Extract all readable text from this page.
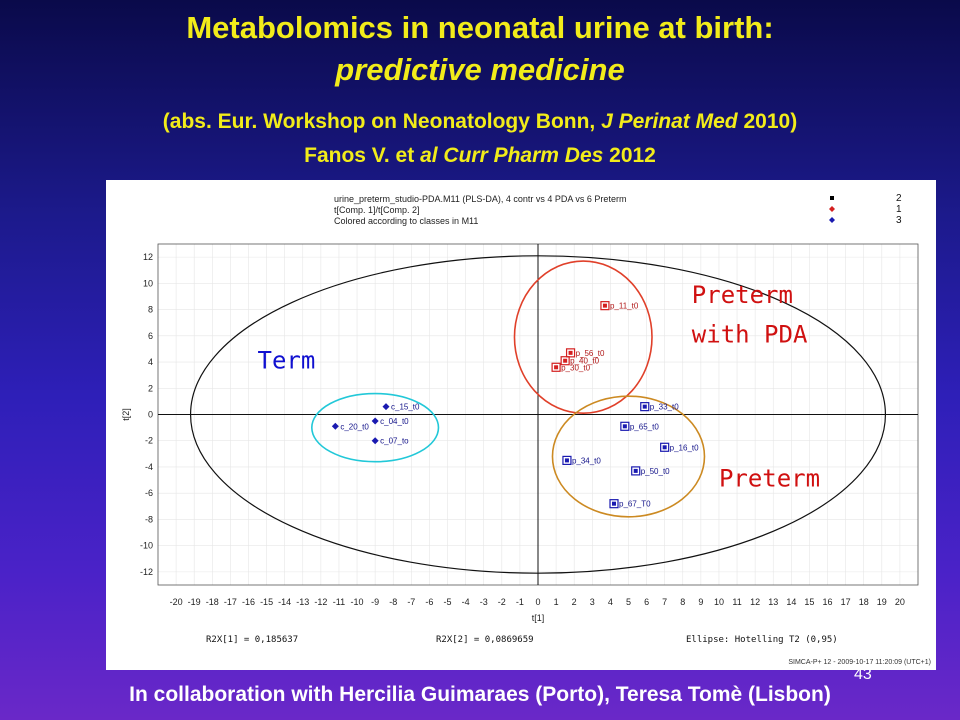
Metabolomics in neonatal urine at birth:

predictive medicine

(abs. Eur. Workshop on Neonatology Bonn, J Perinat Med 2010)

Fanos V. et al Curr Pharm Des 2012

urine_preterm_studio-PDA.M11 (PLS-DA), 4 contr vs 4 PDA vs 6 Preterm
t[Comp. 1]/t[Comp. 2]
Colored according to classes in M11
2
1
3
-20 -19 -18 -17 -16 -15 -14 -13 -12 -11 -10 -9 -8 -7 -6 -5 -4 -3 -2 -1 0 1 2 3 4 5 6 7 8 9 10 11 12 13 14 15 16 17 18 19 20
-12
-10
-8
-6
-4
-2
0
2
4
6
8
10
12
t[1]
t[2]
p_11_t0
p_56_t0
p_40_t0
p_30_t0
p_33_t0
p_65_t0
p_16_t0
p_34_t0
p_50_t0
p_67_T0
c_15_t0
c_20_t0
c_04_t0
c_07_to
Term
Preterm
with PDA
Preterm
R2X[1] = 0,185637	R2X[2] = 0,0869659	Ellipse: Hotelling T2 (0,95)
SIMCA-P+ 12 - 2009-10-17 11:20:09 (UTC+1)

In collaboration with Hercilia Guimaraes (Porto), Teresa Tomè (Lisbon)

43
